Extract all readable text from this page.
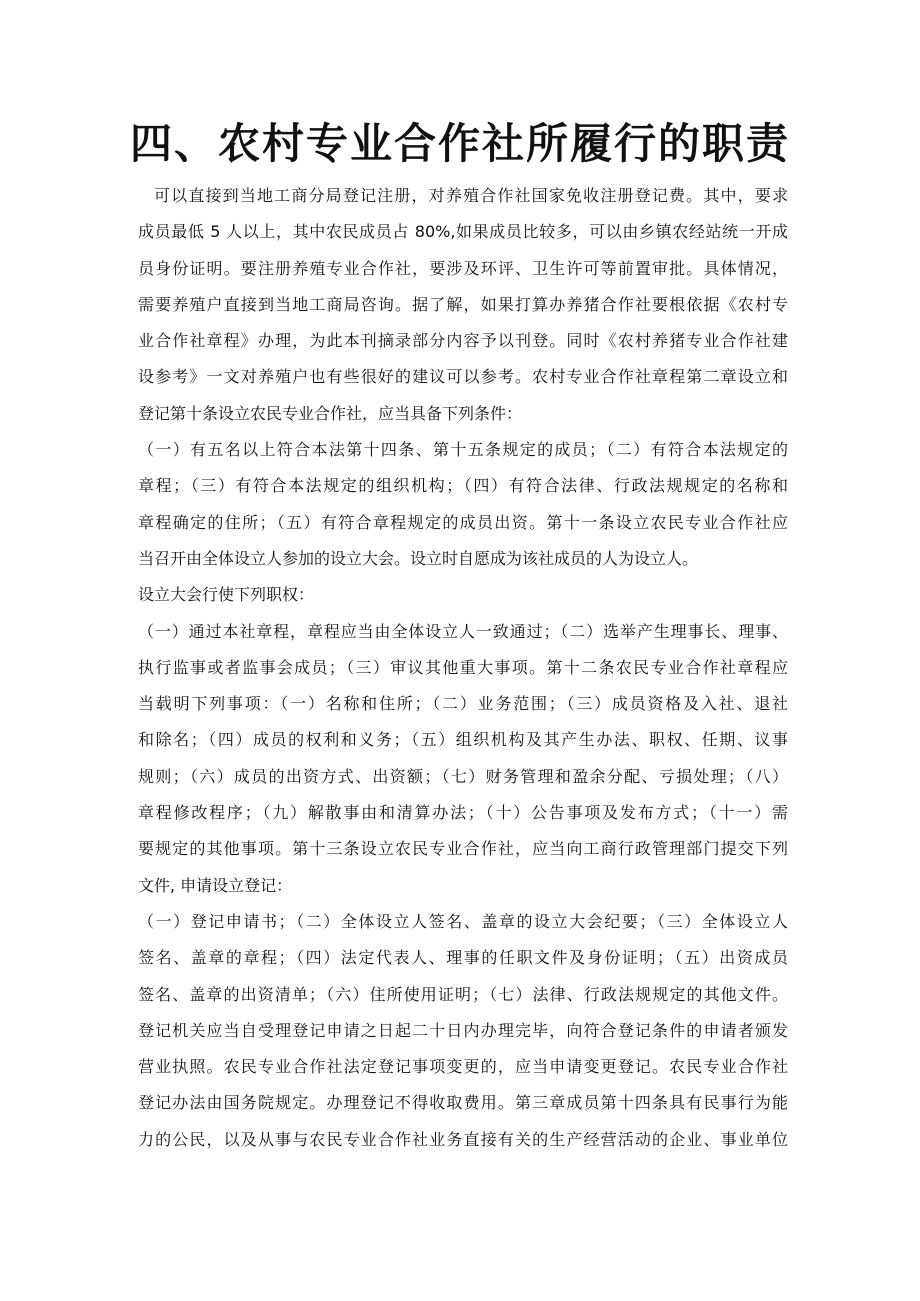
四、农村专业合作社所履行的职责
可以直接到当地工商分局登记注册，对养殖合作社国家免收注册登记费。其中，要求
成员最低 5 人以上，其中农民成员占 80%,如果成员比较多，可以由乡镇农经站统一开成
员身份证明。要注册养殖专业合作社，要涉及环评、卫生许可等前置审批。具体情况，
需要养殖户直接到当地工商局咨询。据了解，如果打算办养猪合作社要根依据《农村专
业合作社章程》办理，为此本刊摘录部分内容予以刊登。同时《农村养猪专业合作社建
设参考》一文对养殖户也有些很好的建议可以参考。农村专业合作社章程第二章设立和
登记第十条设立农民专业合作社，应当具备下列条件：
（一）有五名以上符合本法第十四条、第十五条规定的成员；（二）有符合本法规定的
章程；（三）有符合本法规定的组织机构；（四）有符合法律、行政法规规定的名称和
章程确定的住所；（五）有符合章程规定的成员出资。第十一条设立农民专业合作社应
当召开由全体设立人参加的设立大会。设立时自愿成为该社成员的人为设立人。
设立大会行使下列职权：
（一）通过本社章程，章程应当由全体设立人一致通过；（二）选举产生理事长、理事、
执行监事或者监事会成员；（三）审议其他重大事项。第十二条农民专业合作社章程应
当载明下列事项：（一）名称和住所；（二）业务范围；（三）成员资格及入社、退社
和除名；（四）成员的权利和义务；（五）组织机构及其产生办法、职权、任期、议事
规则；（六）成员的出资方式、出资额；（七）财务管理和盈余分配、亏损处理；（八）
章程修改程序；（九）解散事由和清算办法；（十）公告事项及发布方式；（十一）需
要规定的其他事项。第十三条设立农民专业合作社，应当向工商行政管理部门提交下列
文件, 申请设立登记：
（一）登记申请书；（二）全体设立人签名、盖章的设立大会纪要；（三）全体设立人
签名、盖章的章程；（四）法定代表人、理事的任职文件及身份证明；（五）出资成员
签名、盖章的出资清单；（六）住所使用证明；（七）法律、行政法规规定的其他文件。
登记机关应当自受理登记申请之日起二十日内办理完毕，向符合登记条件的申请者颁发
营业执照。农民专业合作社法定登记事项变更的，应当申请变更登记。农民专业合作社
登记办法由国务院规定。办理登记不得收取费用。第三章成员第十四条具有民事行为能
力的公民，以及从事与农民专业合作社业务直接有关的生产经营活动的企业、事业单位
